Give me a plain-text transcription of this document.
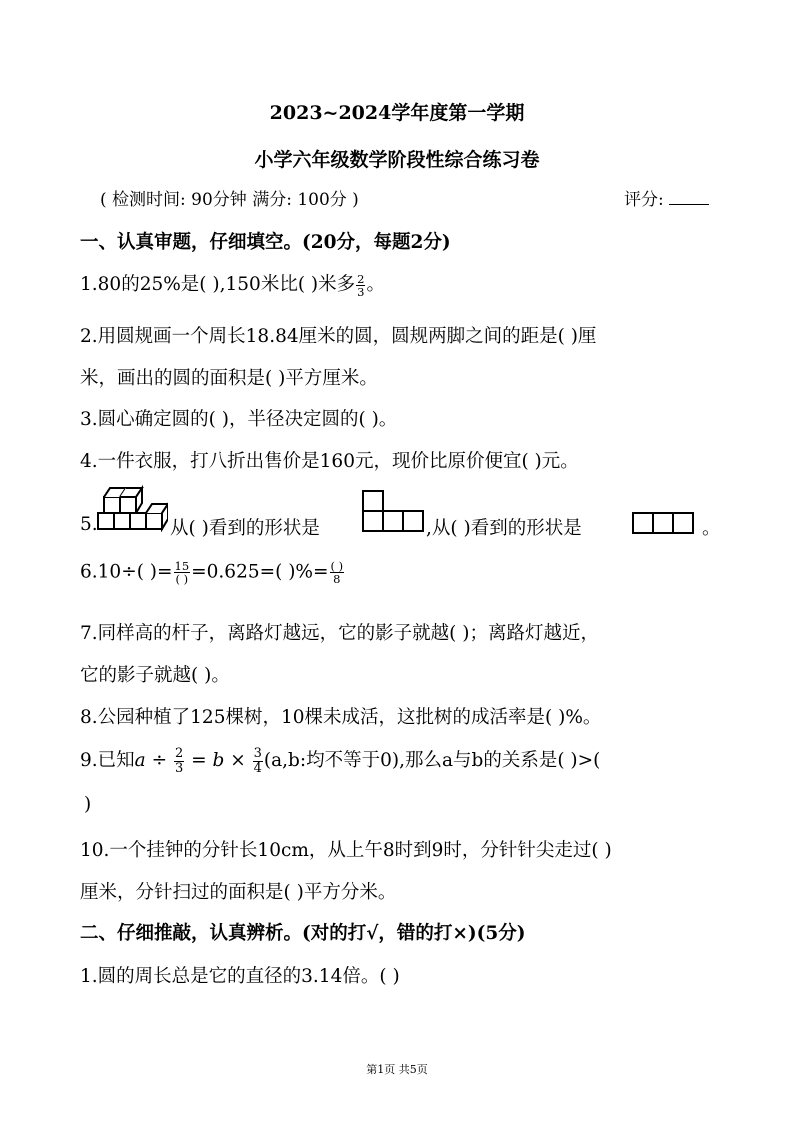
2023~2024学年度第一学期
小学六年级数学阶段性综合练习卷
( 检测时间: 90分钟 满分: 100分 )	评分:
一、认真审题，仔细填空。(20分，每题2分)
1.80的25%是( ),150米比( )米多 $\frac{2}{3}$ 。
2.用圆规画一个周长18.84厘米的圆，圆规两脚之间的距是( )厘
米，画出的圆的面积是( )平方厘米。
3.圆心确定圆的( )，半径决定圆的( )。
4.一件衣服，打八折出售价是160元，现价比原价便宜( )元。
5.	从( )看到的形状是	,从( )看到的形状是	。
6.10÷( )= $\frac{15}{( )} =0.625=$( )%= $\frac{( )}{8}$
7.同样高的杆子，离路灯越远，它的影子就越( )；离路灯越近，
它的影子就越( )。
8.公园种植了125棵树，10棵未成活，这批树的成活率是( )%。
9.已知$a \div \frac{2}{3} = b \times \frac{3}{4} (a,b$:均不等于0),那么a与b的关系是( )>(
)
10.一个挂钟的分针长10cm，从上午8时到9时，分针针尖走过( )
厘米，分针扫过的面积是( )平方分米。
二、仔细推敲，认真辨析。(对的打√，错的打×)(5分)
1.圆的周长总是它的直径的3.14倍。( )
第1页 共5页
